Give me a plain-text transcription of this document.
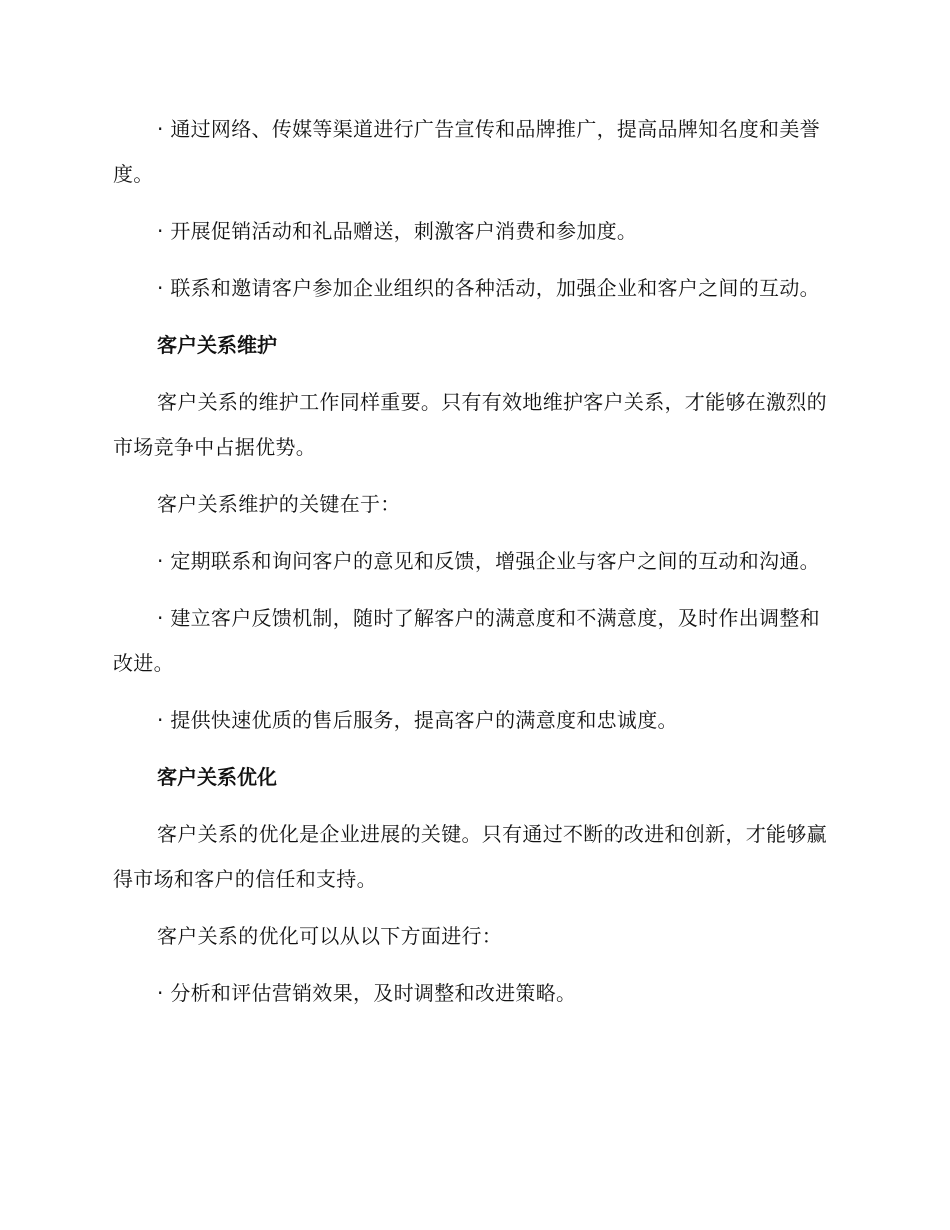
· 通过网络、传媒等渠道进行广告宣传和品牌推广，提高品牌知名度和美誉度。

· 开展促销活动和礼品赠送，刺激客户消费和参加度。

· 联系和邀请客户参加企业组织的各种活动，加强企业和客户之间的互动。

客户关系维护

客户关系的维护工作同样重要。只有有效地维护客户关系，才能够在激烈的市场竞争中占据优势。

客户关系维护的关键在于：

· 定期联系和询问客户的意见和反馈，增强企业与客户之间的互动和沟通。

· 建立客户反馈机制，随时了解客户的满意度和不满意度，及时作出调整和改进。

· 提供快速优质的售后服务，提高客户的满意度和忠诚度。

客户关系优化

客户关系的优化是企业进展的关键。只有通过不断的改进和创新，才能够赢得市场和客户的信任和支持。

客户关系的优化可以从以下方面进行：

· 分析和评估营销效果，及时调整和改进策略。
